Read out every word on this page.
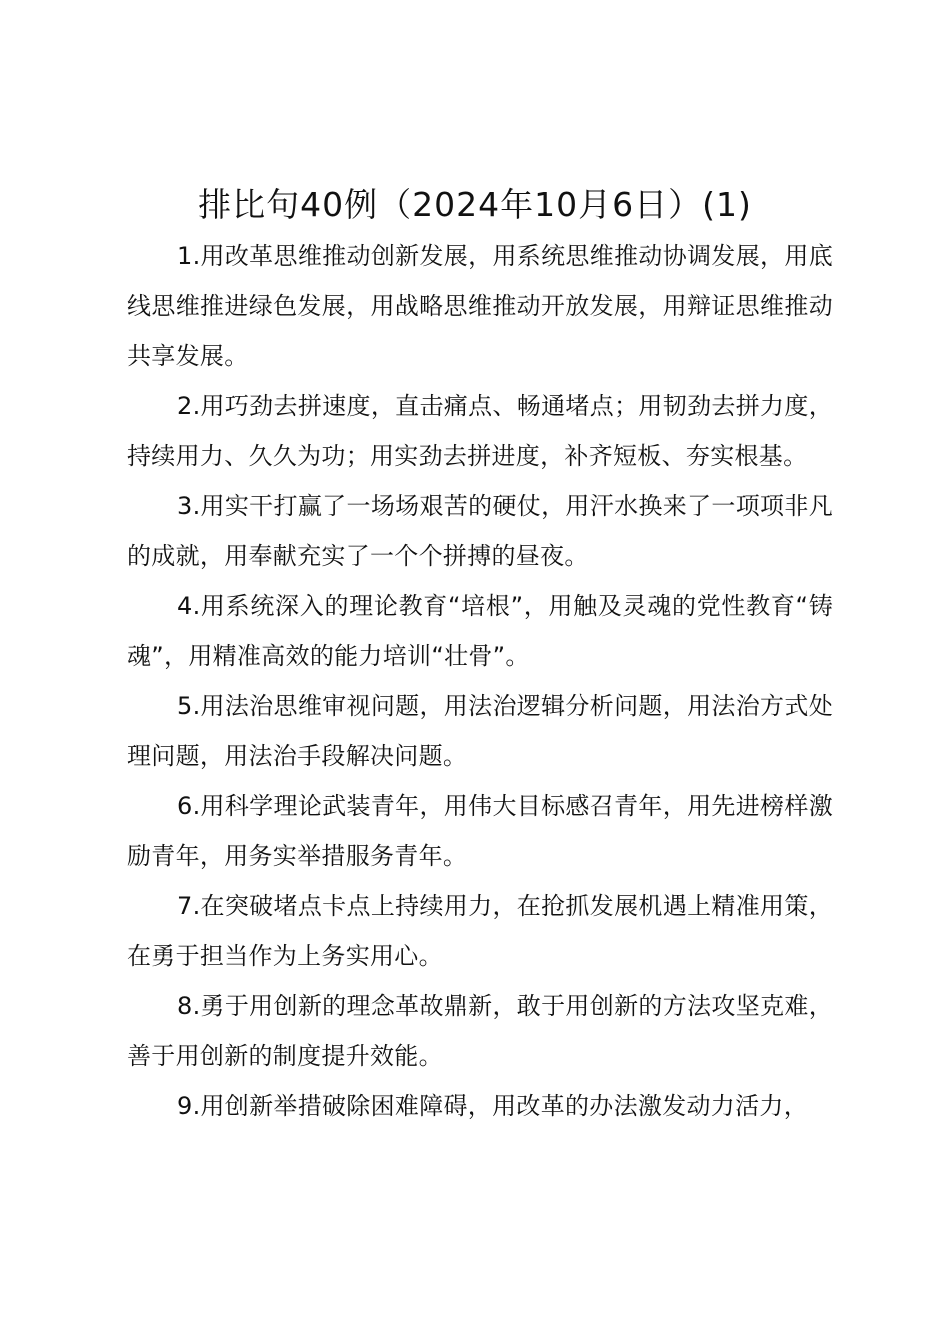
排比句40例（2024年10月6日）(1)

1.用改革思维推动创新发展，用系统思维推动协调发展，用底线思维推进绿色发展，用战略思维推动开放发展，用辩证思维推动共享发展。

2.用巧劲去拼速度，直击痛点、畅通堵点；用韧劲去拼力度，持续用力、久久为功；用实劲去拼进度，补齐短板、夯实根基。

3.用实干打赢了一场场艰苦的硬仗，用汗水换来了一项项非凡的成就，用奉献充实了一个个拼搏的昼夜。

4.用系统深入的理论教育“培根”，用触及灵魂的党性教育“铸魂”，用精准高效的能力培训“壮骨”。

5.用法治思维审视问题，用法治逻辑分析问题，用法治方式处理问题，用法治手段解决问题。

6.用科学理论武装青年，用伟大目标感召青年，用先进榜样激励青年，用务实举措服务青年。

7.在突破堵点卡点上持续用力，在抢抓发展机遇上精准用策，在勇于担当作为上务实用心。

8.勇于用创新的理念革故鼎新，敢于用创新的方法攻坚克难，善于用创新的制度提升效能。

9.用创新举措破除困难障碍，用改革的办法激发动力活力，
